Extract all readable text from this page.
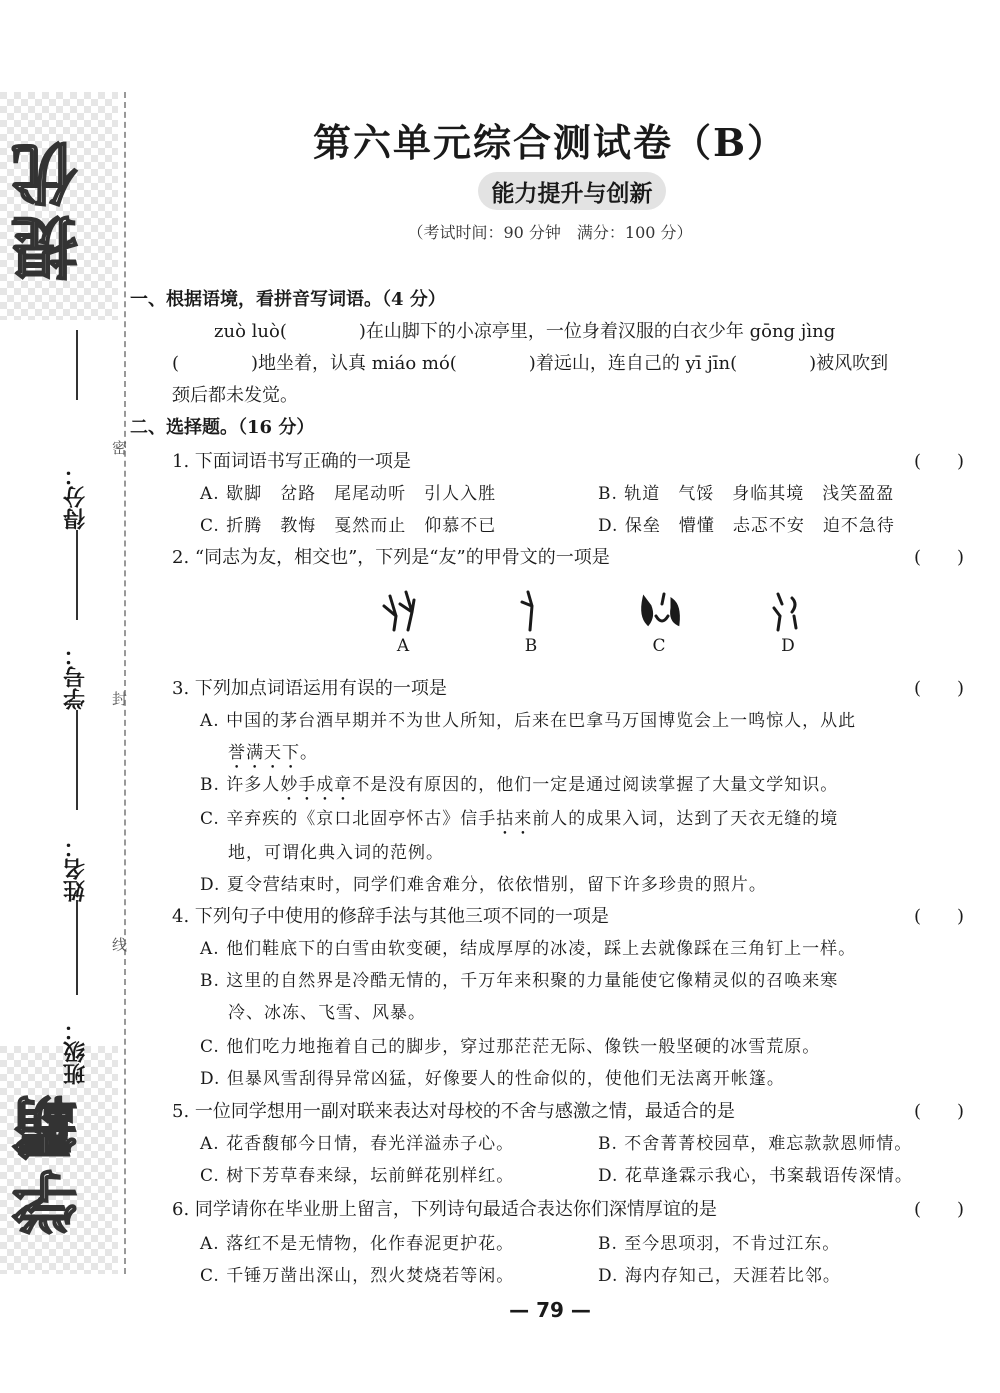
提优
学霸
得分：
学号：
姓名：
班级：
密
封
线
第六单元综合测试卷（B）
能力提升与创新
（考试时间：90 分钟　满分：100 分）
一、根据语境，看拼音写词语。（4 分）
zuò luò(　　　　)在山脚下的小凉亭里，一位身着汉服的白衣少年 gōng jìng
(　　　　)地坐着，认真 miáo mó(　　　　)着远山，连自己的 yī jīn(　　　　)被风吹到
颈后都未发觉。
二、选择题。（16 分）
1. 下面词语书写正确的一项是	(　　)
A. 歇脚　岔路　尾尾动听　引人入胜	B. 轨道　气馁　身临其境　浅笑盈盈
C. 折腾　教悔　戛然而止　仰慕不已	D. 保垒　懵懂　忐忑不安　迫不急待
2. “同志为友，相交也”，下列是“友”的甲骨文的一项是	(　　)
A	B	C	D
3. 下列加点词语运用有误的一项是	(　　)
A. 中国的茅台酒早期并不为世人所知，后来在巴拿马万国博览会上一鸣惊人，从此
誉满天下。
B. 许多人妙手成章不是没有原因的，他们一定是通过阅读掌握了大量文学知识。
C. 辛弃疾的《京口北固亭怀古》信手拈来前人的成果入词，达到了天衣无缝的境
地，可谓化典入词的范例。
D. 夏令营结束时，同学们难舍难分，依依惜别，留下许多珍贵的照片。
4. 下列句子中使用的修辞手法与其他三项不同的一项是	(　　)
A. 他们鞋底下的白雪由软变硬，结成厚厚的冰凌，踩上去就像踩在三角钉上一样。
B. 这里的自然界是冷酷无情的，千万年来积聚的力量能使它像精灵似的召唤来寒
冷、冰冻、飞雪、风暴。
C. 他们吃力地拖着自己的脚步，穿过那茫茫无际、像铁一般坚硬的冰雪荒原。
D. 但暴风雪刮得异常凶猛，好像要人的性命似的，使他们无法离开帐篷。
5. 一位同学想用一副对联来表达对母校的不舍与感激之情，最适合的是	(　　)
A. 花香馥郁今日情，春光洋溢赤子心。	B. 不舍菁菁校园草，难忘款款恩师情。
C. 树下芳草春来绿，坛前鲜花别样红。	D. 花草逢霖示我心，书案载语传深情。
6. 同学请你在毕业册上留言，下列诗句最适合表达你们深情厚谊的是	(　　)
A. 落红不是无情物，化作春泥更护花。	B. 至今思项羽，不肯过江东。
C. 千锤万凿出深山，烈火焚烧若等闲。	D. 海内存知己，天涯若比邻。
— 79 —
